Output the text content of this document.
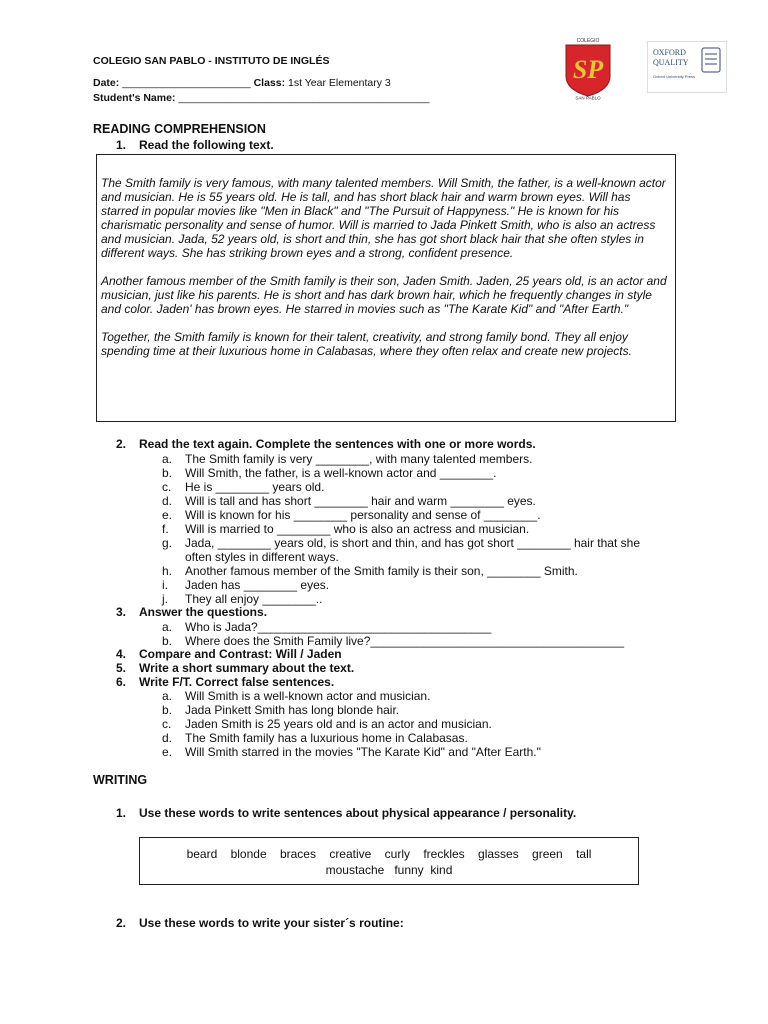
COLEGIO SAN PABLO - INSTITUTO DE INGLÉS
Date: ______________________ Class: 1st Year Elementary 3
Student's Name: ___________________________________________
COLEGIO
SP
SAN PABLO
OXFORD
QUALITY
Oxford University Press
READING COMPREHENSION
1. Read the following text.

The Smith family is very famous, with many talented members. Will Smith, the father, is a well-known actor and musician. He is 55 years old. He is tall, and has short black hair and warm brown eyes. Will has starred in popular movies like "Men in Black" and "The Pursuit of Happyness." He is known for his charismatic personality and sense of humor. Will is married to Jada Pinkett Smith, who is also an actress and musician. Jada, 52 years old, is short and thin, she has got short black hair that she often styles in different ways. She has striking brown eyes and a strong, confident presence.

Another famous member of the Smith family is their son, Jaden Smith. Jaden, 25 years old, is an actor and musician, just like his parents. He is short and has dark brown hair, which he frequently changes in style and color. Jaden' has brown eyes. He starred in movies such as "The Karate Kid" and "After Earth."

Together, the Smith family is known for their talent, creativity, and strong family bond. They all enjoy spending time at their luxurious home in Calabasas, where they often relax and create new projects.

2. Read the text again. Complete the sentences with one or more words.
a. The Smith family is very ________, with many talented members.
b. Will Smith, the father, is a well-known actor and ________.
c. He is ________ years old.
d. Will is tall and has short ________ hair and warm ________ eyes.
e. Will is known for his ________ personality and sense of ________.
f. Will is married to ________ who is also an actress and musician.
g. Jada, ________ years old, is short and thin, and has got short ________ hair that she
often styles in different ways.
h. Another famous member of the Smith family is their son, ________ Smith.
i. Jaden has ________ eyes.
j. They all enjoy ________..
3. Answer the questions.
a. Who is Jada?___________________________________
b. Where does the Smith Family live?______________________________________
4. Compare and Contrast: Will / Jaden
5. Write a short summary about the text.
6. Write F/T. Correct false sentences.
a. Will Smith is a well-known actor and musician.
b. Jada Pinkett Smith has long blonde hair.
c. Jaden Smith is 25 years old and is an actor and musician.
d. The Smith family has a luxurious home in Calabasas.
e. Will Smith starred in the movies "The Karate Kid" and "After Earth."
WRITING
1. Use these words to write sentences about physical appearance / personality.
beard    blonde    braces    creative    curly    freckles    glasses    green    tall
moustache   funny  kind
2. Use these words to write your sister´s routine:
